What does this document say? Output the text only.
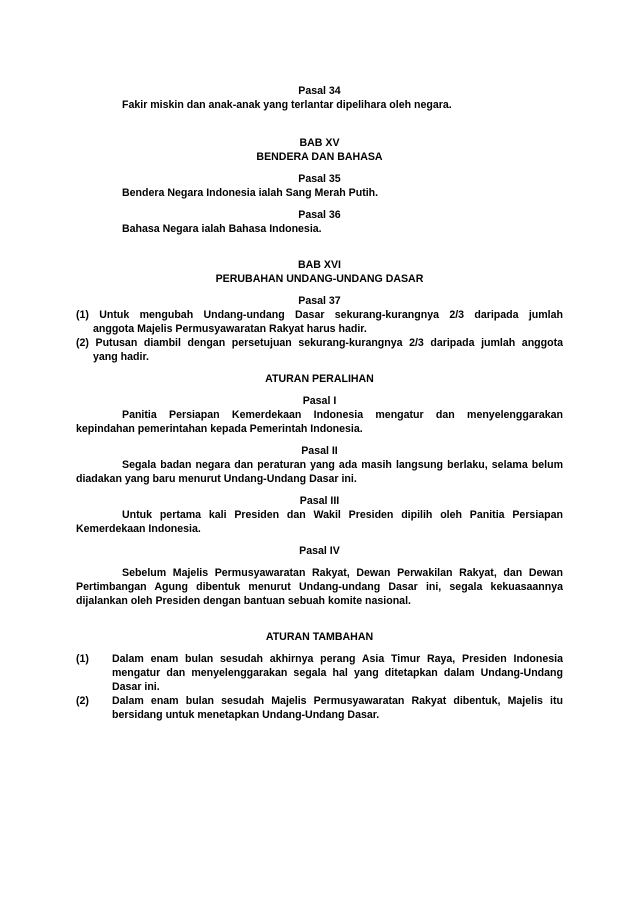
Pasal 34
Fakir miskin dan anak-anak yang terlantar dipelihara oleh negara.
BAB XV
BENDERA DAN BAHASA
Pasal 35
Bendera Negara Indonesia ialah Sang Merah Putih.
Pasal 36
Bahasa Negara ialah Bahasa Indonesia.
BAB XVI
PERUBAHAN UNDANG-UNDANG DASAR
Pasal 37
(1) Untuk mengubah Undang-undang Dasar sekurang-kurangnya 2/3 daripada jumlah
anggota Majelis Permusyawaratan Rakyat harus hadir.
(2) Putusan diambil dengan persetujuan sekurang-kurangnya 2/3 daripada jumlah anggota
yang hadir.
ATURAN PERALIHAN
Pasal I
Panitia Persiapan Kemerdekaan Indonesia mengatur dan menyelenggarakan
kepindahan pemerintahan kepada Pemerintah Indonesia.
Pasal II
Segala badan negara dan peraturan yang ada masih langsung berlaku, selama belum
diadakan yang baru menurut Undang-Undang Dasar ini.
Pasal III
Untuk pertama kali Presiden dan Wakil Presiden dipilih oleh Panitia Persiapan
Kemerdekaan Indonesia.
Pasal IV
Sebelum Majelis Permusyawaratan Rakyat, Dewan Perwakilan Rakyat, dan Dewan
Pertimbangan Agung dibentuk menurut Undang-undang Dasar ini, segala kekuasaannya
dijalankan oleh Presiden dengan bantuan sebuah komite nasional.
ATURAN TAMBAHAN
(1) Dalam enam bulan sesudah akhirnya perang Asia Timur Raya, Presiden Indonesia
mengatur dan menyelenggarakan segala hal yang ditetapkan dalam Undang-Undang
Dasar ini.
(2) Dalam enam bulan sesudah Majelis Permusyawaratan Rakyat dibentuk, Majelis itu
bersidang untuk menetapkan Undang-Undang Dasar.
